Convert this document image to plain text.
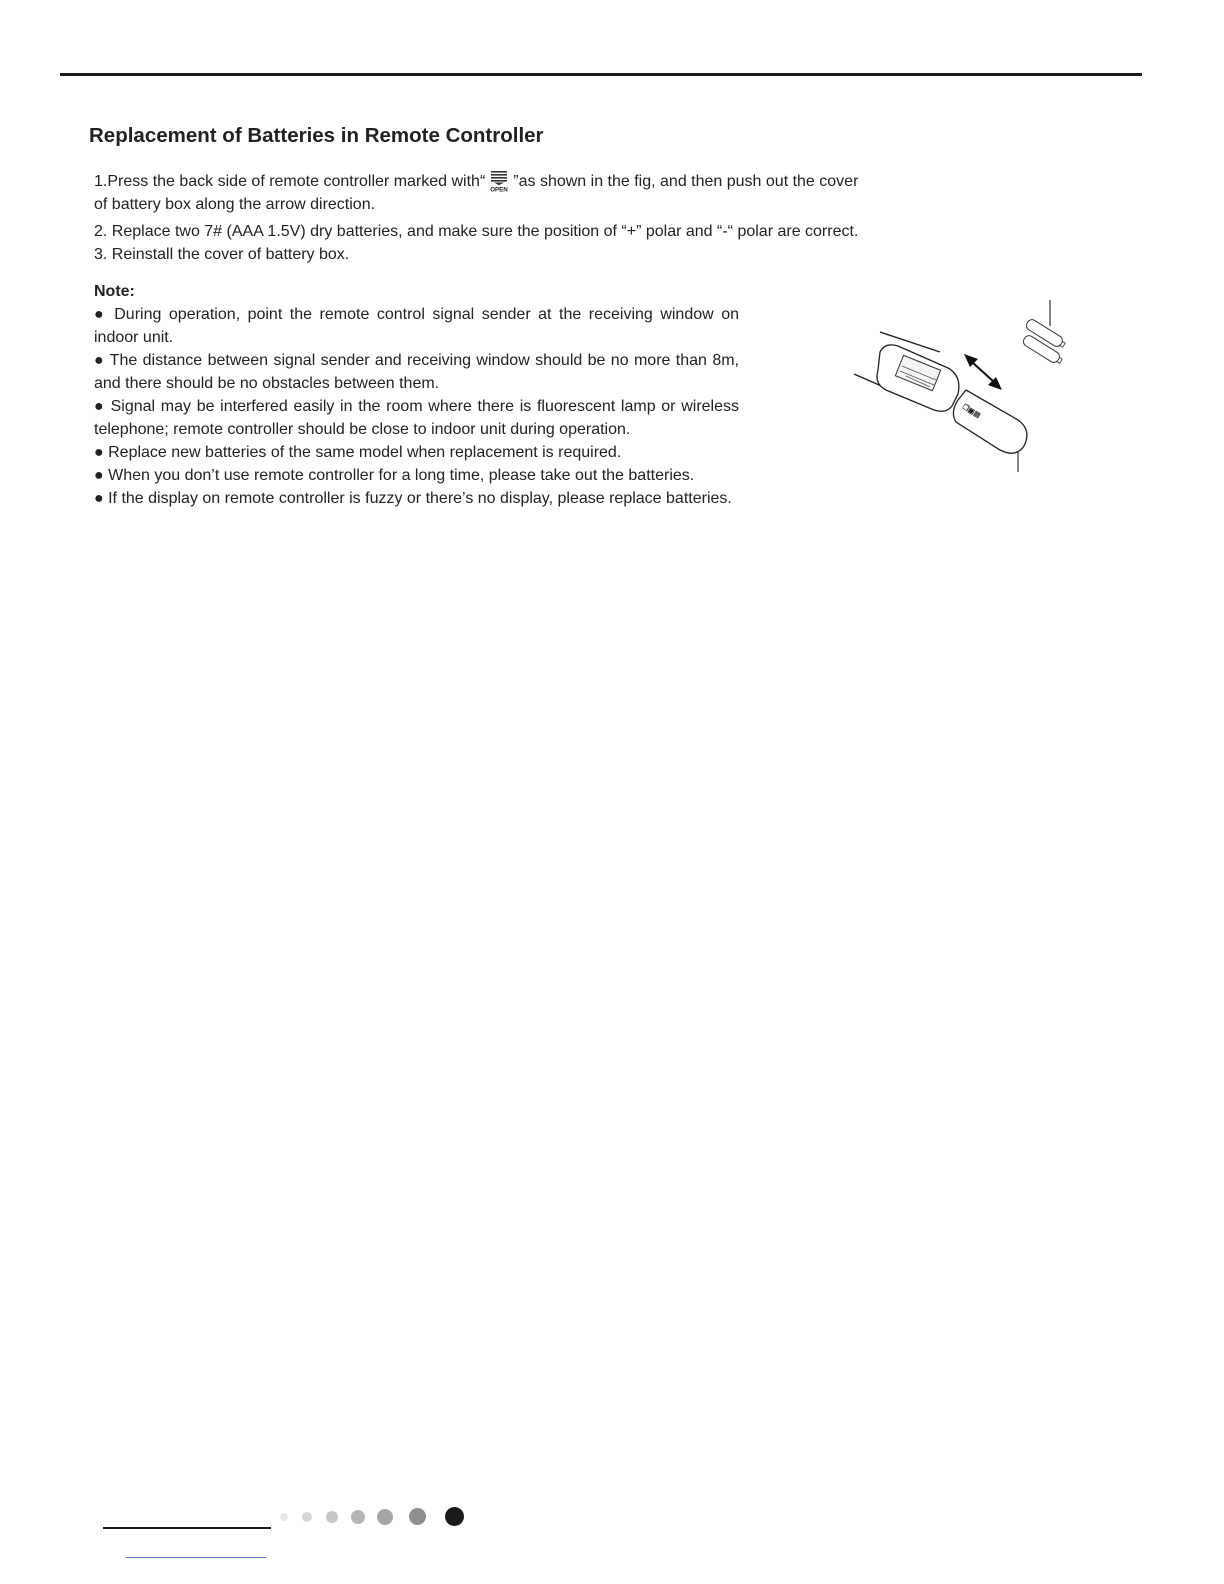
Replacement of Batteries in Remote Controller

1.Press the back side of remote controller marked with“ OPEN ”as shown in the fig, and then push out the cover

of battery box along the arrow direction.

2. Replace two 7# (AAA 1.5V) dry batteries, and make sure the position of “+” polar and “-“ polar are correct.

3. Reinstall the cover of battery box.

Note:

● During operation, point the remote control signal sender at the receiving window on indoor unit.

● The distance between signal sender and receiving window should be no more than 8m, and there should be no obstacles between them.

● Signal may be interfered easily in the room where there is fluorescent lamp or wireless telephone; remote controller should be close to indoor unit during operation.

● Replace new batteries of the same model when replacement is required.

● When you don’t use remote controller for a long time, please take out the batteries.

● If the display on remote controller is fuzzy or there’s no display, please replace batteries.

❐▣▤
